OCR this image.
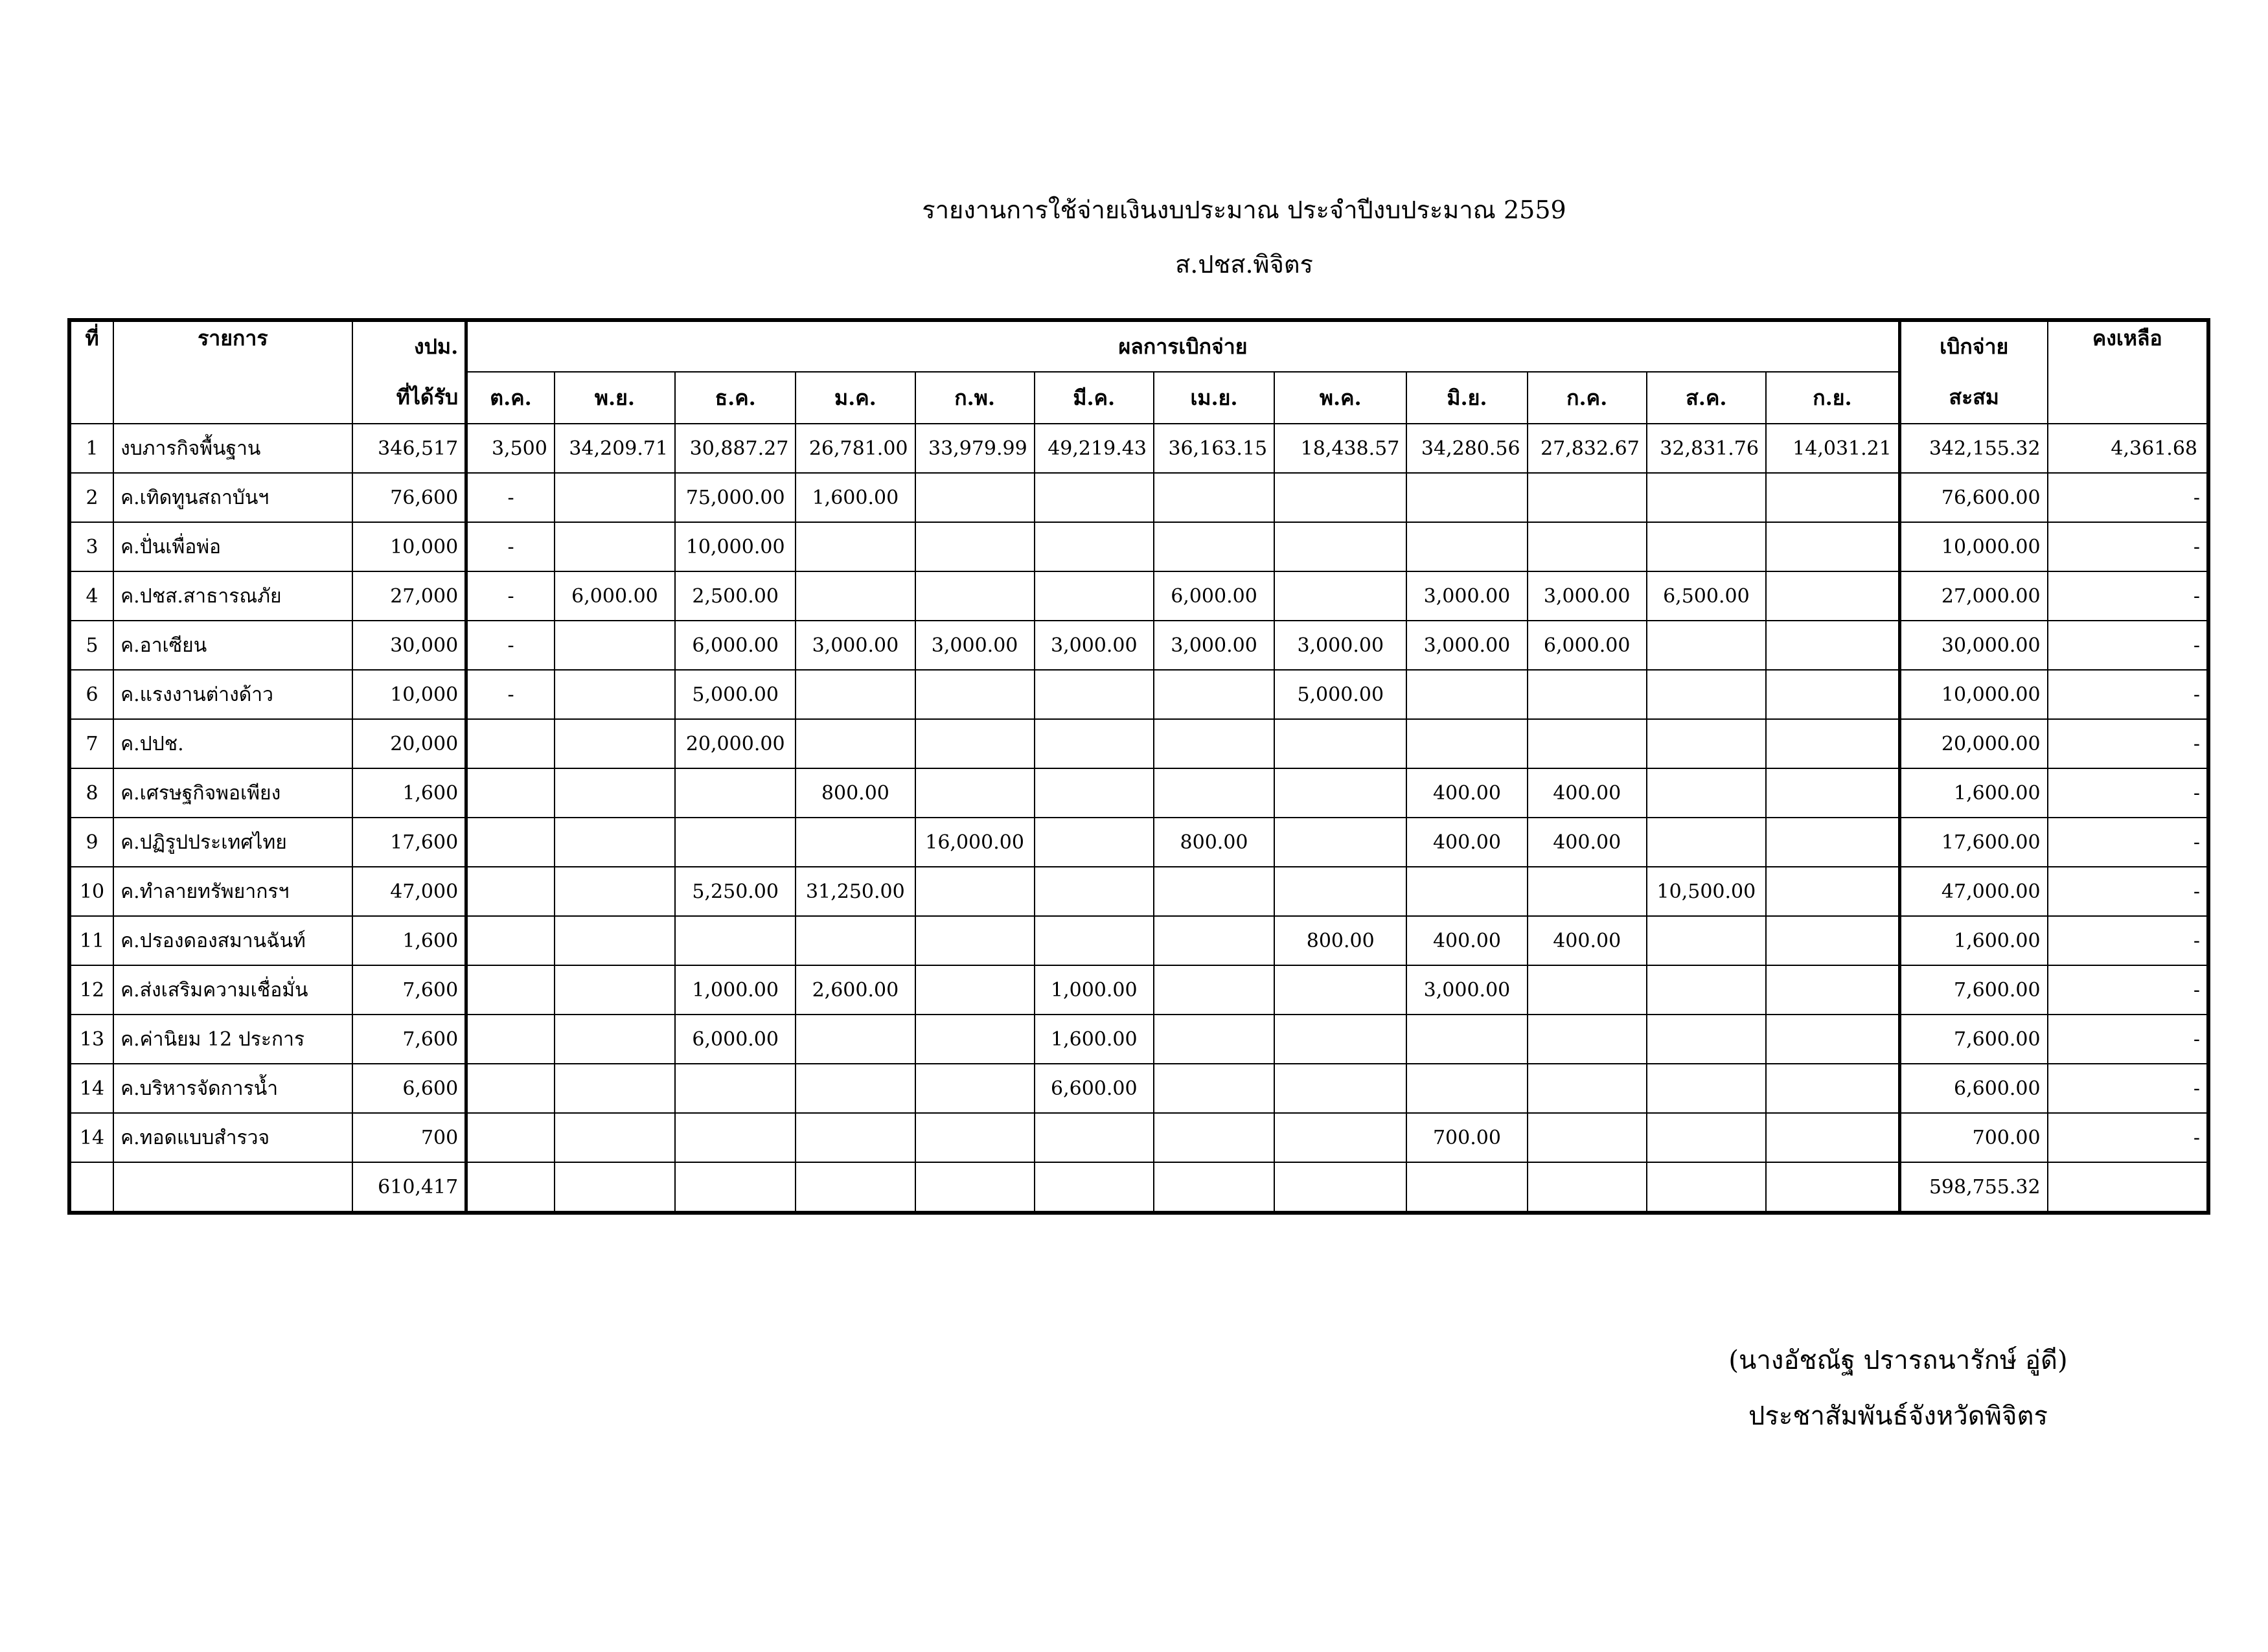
รายงานการใช้จ่ายเงินงบประมาณ ประจำปีงบประมาณ 2559
ส.ปชส.พิจิตร
ที่	รายการ	งปม.	ผลการเบิกจ่าย												เบิกจ่าย	คงเหลือ
		ที่ได้รับ	ต.ค.	พ.ย.	ธ.ค.	ม.ค.	ก.พ.	มี.ค.	เม.ย.	พ.ค.	มิ.ย.	ก.ค.	ส.ค.	ก.ย.	สะสม	
1	งบภารกิจพื้นฐาน	346,517	3,500	34,209.71	30,887.27	26,781.00	33,979.99	49,219.43	36,163.15	18,438.57	34,280.56	27,832.67	32,831.76	14,031.21	342,155.32	4,361.68
2	ค.เทิดทูนสถาบันฯ	76,600	-		75,000.00	1,600.00									76,600.00	-
3	ค.ปั่นเพื่อพ่อ	10,000	-		10,000.00										10,000.00	-
4	ค.ปชส.สาธารณภัย	27,000	-	6,000.00	2,500.00				6,000.00		3,000.00	3,000.00	6,500.00		27,000.00	-
5	ค.อาเซียน	30,000	-		6,000.00	3,000.00	3,000.00	3,000.00	3,000.00	3,000.00	3,000.00	6,000.00			30,000.00	-
6	ค.แรงงานต่างด้าว	10,000	-		5,000.00					5,000.00					10,000.00	-
7	ค.ปปช.	20,000			20,000.00										20,000.00	-
8	ค.เศรษฐกิจพอเพียง	1,600				800.00					400.00	400.00			1,600.00	-
9	ค.ปฏิรูปประเทศไทย	17,600					16,000.00		800.00		400.00	400.00			17,600.00	-
10	ค.ทำลายทรัพยากรฯ	47,000			5,250.00	31,250.00							10,500.00		47,000.00	-
11	ค.ปรองดองสมานฉันท์	1,600								800.00	400.00	400.00			1,600.00	-
12	ค.ส่งเสริมความเชื่อมั่น	7,600			1,000.00	2,600.00		1,000.00			3,000.00				7,600.00	-
13	ค.ค่านิยม 12 ประการ	7,600			6,000.00			1,600.00							7,600.00	-
14	ค.บริหารจัดการน้ำ	6,600						6,600.00							6,600.00	-
14	ค.ทอดแบบสำรวจ	700									700.00				700.00	-
		610,417													598,755.32	
(นางอัชณัฐ ปรารถนารักษ์ อู่ดี)
ประชาสัมพันธ์จังหวัดพิจิตร
